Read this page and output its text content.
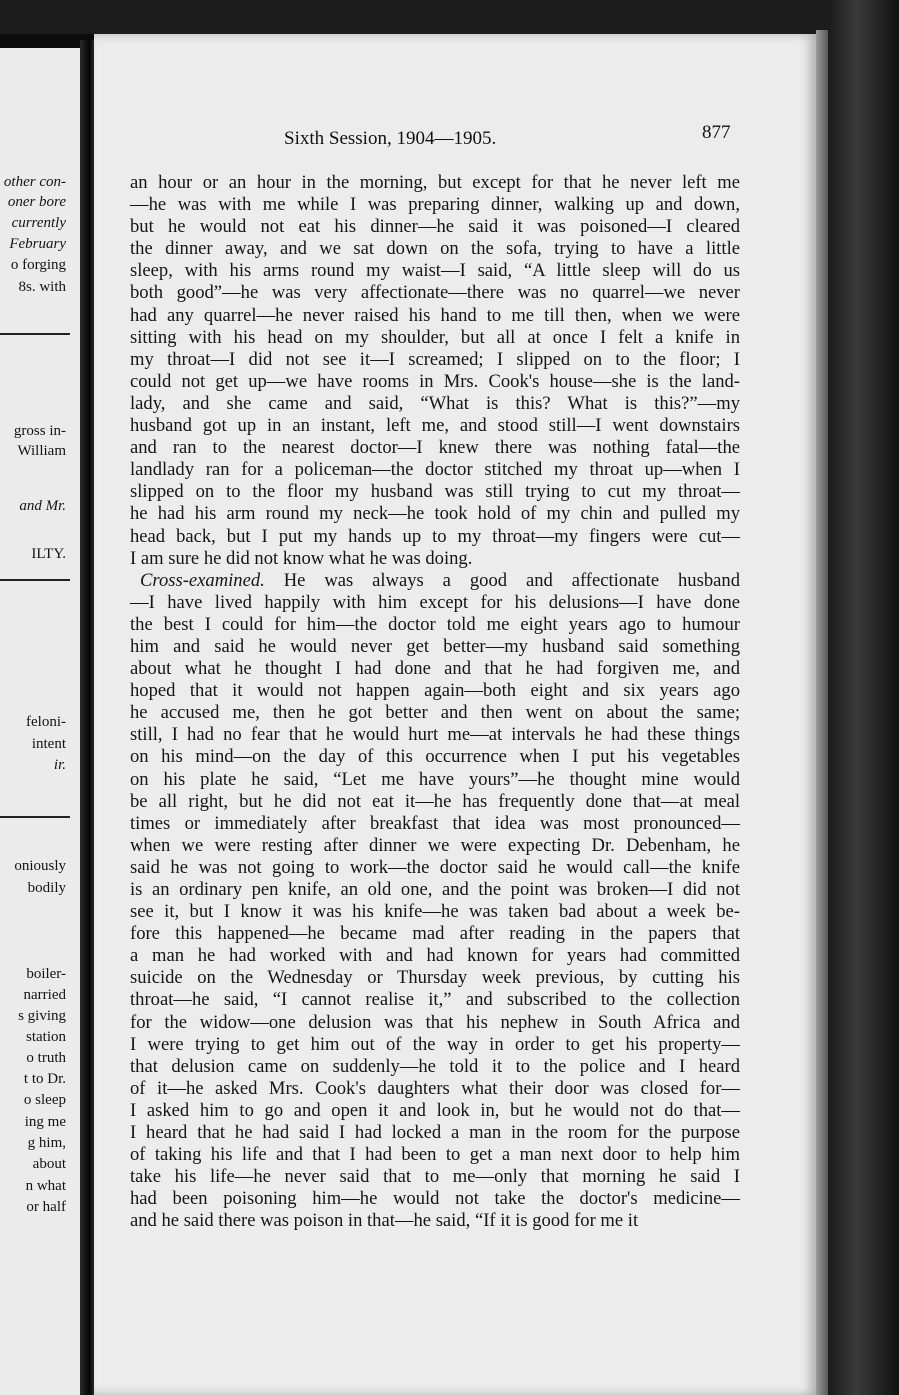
other con-
oner bore
currently
February
o forging
8s. with
gross in-
William
and Mr.
ILTY.
feloni-
intent
ir.
oniously
bodily
boiler-
narried
s giving
station
o truth
t to Dr.
o sleep
ing me
g him,
about
n what
or half
Sixth Session, 1904—1905.	877
an hour or an hour in the morning, but except for that he never left me
—he was with me while I was preparing dinner, walking up and down,
but he would not eat his dinner—he said it was poisoned—I cleared
the dinner away, and we sat down on the sofa, trying to have a little
sleep, with his arms round my waist—I said, “A little sleep will do us
both good”—he was very affectionate—there was no quarrel—we never
had any quarrel—he never raised his hand to me till then, when we were
sitting with his head on my shoulder, but all at once I felt a knife in
my throat—I did not see it—I screamed; I slipped on to the floor; I
could not get up—we have rooms in Mrs. Cook's house—she is the land-
lady, and she came and said, “What is this? What is this?”—my
husband got up in an instant, left me, and stood still—I went downstairs
and ran to the nearest doctor—I knew there was nothing fatal—the
landlady ran for a policeman—the doctor stitched my throat up—when I
slipped on to the floor my husband was still trying to cut my throat—
he had his arm round my neck—he took hold of my chin and pulled my
head back, but I put my hands up to my throat—my fingers were cut—
I am sure he did not know what he was doing.
Cross-examined. He was always a good and affectionate husband
—I have lived happily with him except for his delusions—I have done
the best I could for him—the doctor told me eight years ago to humour
him and said he would never get better—my husband said something
about what he thought I had done and that he had forgiven me, and
hoped that it would not happen again—both eight and six years ago
he accused me, then he got better and then went on about the same;
still, I had no fear that he would hurt me—at intervals he had these things
on his mind—on the day of this occurrence when I put his vegetables
on his plate he said, “Let me have yours”—he thought mine would
be all right, but he did not eat it—he has frequently done that—at meal
times or immediately after breakfast that idea was most pronounced—
when we were resting after dinner we were expecting Dr. Debenham, he
said he was not going to work—the doctor said he would call—the knife
is an ordinary pen knife, an old one, and the point was broken—I did not
see it, but I know it was his knife—he was taken bad about a week be-
fore this happened—he became mad after reading in the papers that
a man he had worked with and had known for years had committed
suicide on the Wednesday or Thursday week previous, by cutting his
throat—he said, “I cannot realise it,” and subscribed to the collection
for the widow—one delusion was that his nephew in South Africa and
I were trying to get him out of the way in order to get his property—
that delusion came on suddenly—he told it to the police and I heard
of it—he asked Mrs. Cook's daughters what their door was closed for—
I asked him to go and open it and look in, but he would not do that—
I heard that he had said I had locked a man in the room for the purpose
of taking his life and that I had been to get a man next door to help him
take his life—he never said that to me—only that morning he said I
had been poisoning him—he would not take the doctor's medicine—
and he said there was poison in that—he said, “If it is good for me it
